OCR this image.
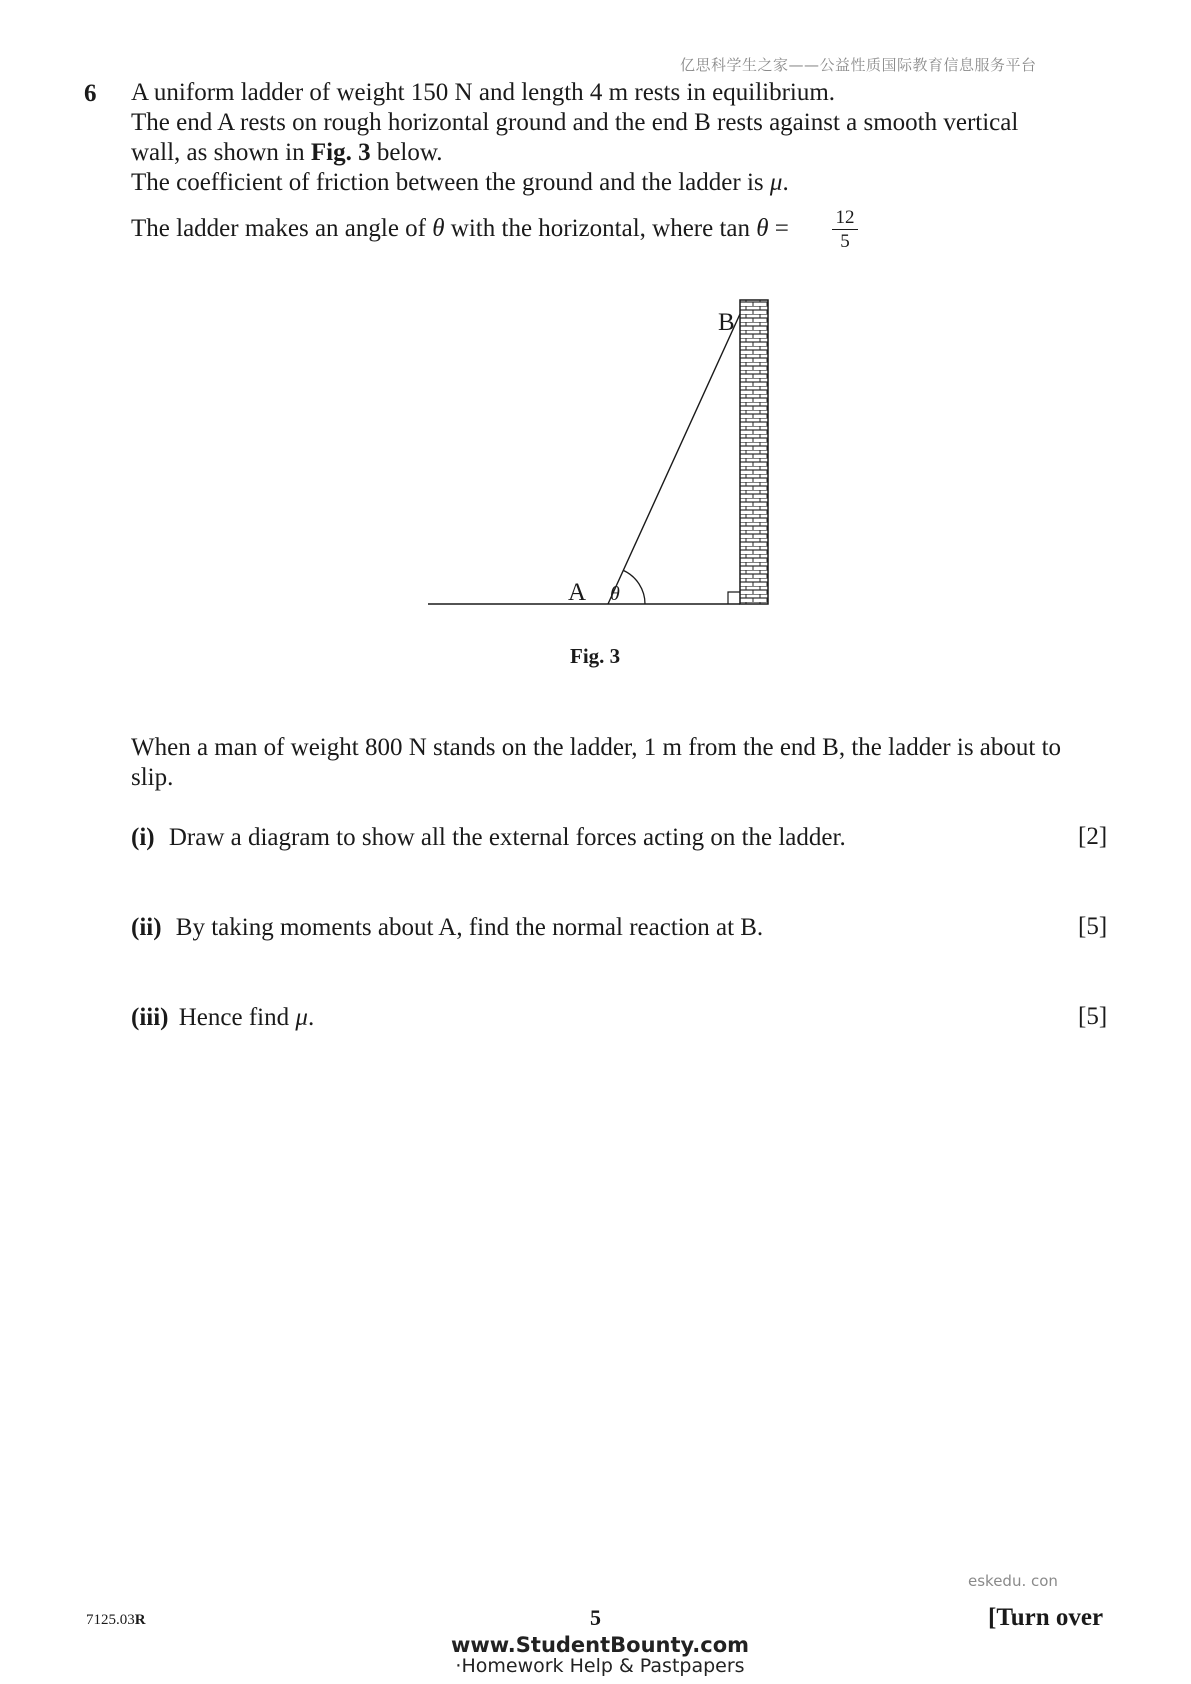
亿思科学生之家——公益性质国际教育信息服务平台
6 A uniform ladder of weight 150 N and length 4 m rests in equilibrium.
The end A rests on rough horizontal ground and the end B rests against a smooth vertical
wall, as shown in Fig. 3 below.
The coefficient of friction between the ground and the ladder is μ.
The ladder makes an angle of θ with the horizontal, where tan θ =	$\frac{12}{5}$
A
B
θ
Fig. 3
When a man of weight 800 N stands on the ladder, 1 m from the end B, the ladder is about to
slip.
(i) Draw a diagram to show all the external forces acting on the ladder.	[2]
(ii) By taking moments about A, find the normal reaction at B.	[5]
(iii) Hence find μ.	[5]
eskedu. con
7125.03R	5	[Turn over
www.StudentBounty.com
·Homework Help & Pastpapers
